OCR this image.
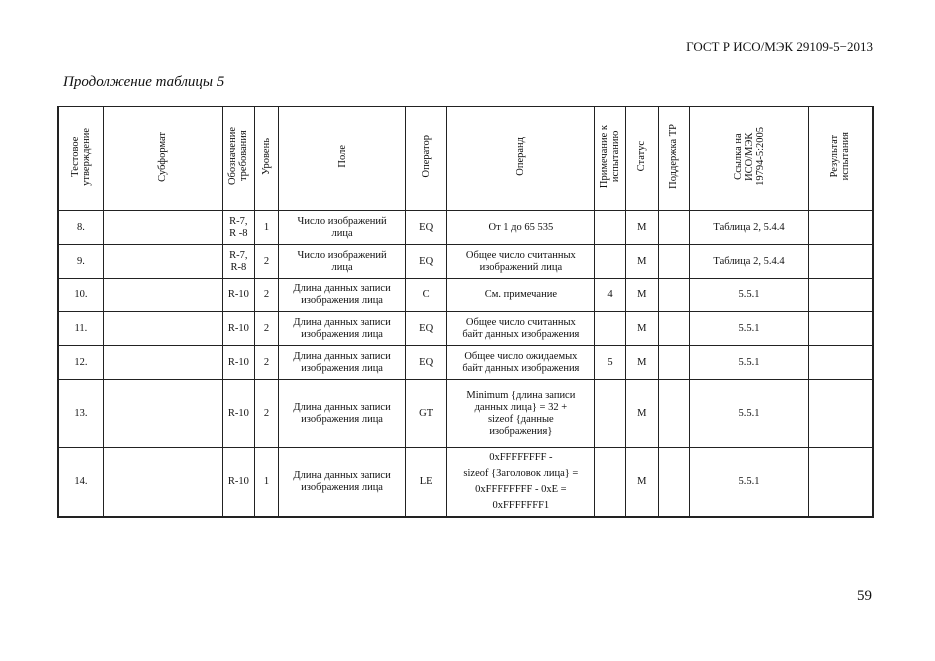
ГОСТ Р ИСО/МЭК 29109-5−2013
Продолжение таблицы 5
Тестовое
утверждение	Субформат	Обозначение
требования	Уровень	Поле	Оператор	Операнд	Примечание к
испытанию	Статус	Поддержка ТР	Ссылка на
ИСО/МЭК
19794-5:2005	Результат
испытания
8.		R-7,
R -8	1	Число изображений
лица	EQ	От 1 до 65 535		M		Таблица 2, 5.4.4	
9.		R-7,
R-8	2	Число изображений
лица	EQ	Общее число считанных
изображений лица		M		Таблица 2, 5.4.4	
10.		R-10	2	Длина данных записи
изображения лица	C	См. примечание	4	M		5.5.1	
11.		R-10	2	Длина данных записи
изображения лица	EQ	Общее число считанных
байт данных изображения		M		5.5.1	
12.		R-10	2	Длина данных записи
изображения лица	EQ	Общее число ожидаемых
байт данных изображения	5	M		5.5.1	
13.		R-10	2	Длина данных записи
изображения лица	GT	Minimum {длина записи
данных лица} = 32 +
sizeof {данные
изображения}		M		5.5.1	
14.		R-10	1	Длина данных записи
изображения лица	LE	0xFFFFFFFF -
sizeof {Заголовок лица} =
0xFFFFFFFF - 0xE =
0xFFFFFFF1		M		5.5.1	
59
